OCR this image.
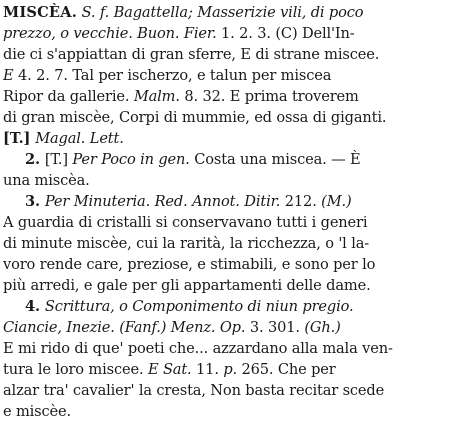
MISCÈA. S. f. Bagattella; Masserizie vili, di poco
prezzo, o vecchie. Buon. Fier. 1. 2. 3. (C) Dell'In-
die ci s'appiattan di gran sferre, E di strane miscee.
E 4. 2. 7. Tal per ischerzo, e talun per miscea
Ripor da gallerie. Malm. 8. 32. E prima troverem
di gran miscèe, Corpi di mummie, ed ossa di giganti.
[T.] Magal. Lett.
2. [T.] Per Poco in gen. Costa una miscea. — È
una miscèa.
3. Per Minuteria. Red. Annot. Ditir. 212. (M.)
A guardia di cristalli si conservavano tutti i generi
di minute miscèe, cui la rarità, la ricchezza, o 'l la-
voro rende care, preziose, e stimabili, e sono per lo
più arredi, e gale per gli appartamenti delle dame.
4. Scrittura, o Componimento di niun pregio.
Ciancie, Inezie. (Fanf.) Menz. Op. 3. 301. (Gh.)
E mi rido di que' poeti che... azzardano alla mala ven-
tura le loro miscee. E Sat. 11. p. 265. Che per
alzar tra' cavalier' la cresta, Non basta recitar scede
e miscèe.
